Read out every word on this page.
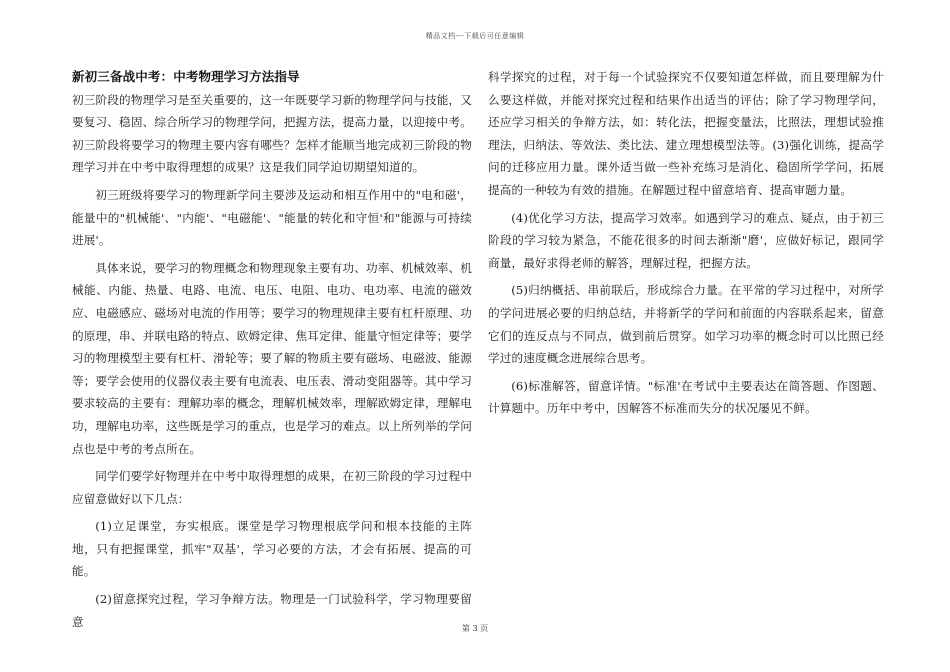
精品文档---下载后可任意编辑
新初三备战中考：中考物理学习方法指导

初三阶段的物理学习是至关重要的，这一年既要学习新的物理学问与技能，又要复习、稳固、综合所学习的物理学问，把握方法，提高力量，以迎接中考。初三阶段将要学习的物理主要内容有哪些？怎样才能顺当地完成初三阶段的物理学习并在中考中取得理想的成果？这是我们同学迫切期望知道的。

初三班级将要学习的物理新学问主要涉及运动和相互作用中的"电和磁'，能量中的"机械能'、"内能'、"电磁能'、"能量的转化和守恒'和"能源与可持续进展'。

具体来说，要学习的物理概念和物理现象主要有功、功率、机械效率、机械能、内能、热量、电路、电流、电压、电阻、电功、电功率、电流的磁效应、电磁感应、磁场对电流的作用等；要学习的物理规律主要有杠杆原理、功的原理，串、并联电路的特点、欧姆定律、焦耳定律、能量守恒定律等；要学习的物理模型主要有杠杆、滑轮等；要了解的物质主要有磁场、电磁波、能源等；要学会使用的仪器仪表主要有电流表、电压表、滑动变阻器等。其中学习要求较高的主要有：理解功率的概念，理解机械效率，理解欧姆定律，理解电功，理解电功率，这些既是学习的重点，也是学习的难点。以上所列举的学问点也是中考的考点所在。

同学们要学好物理并在中考中取得理想的成果，在初三阶段的学习过程中应留意做好以下几点：

(1)立足课堂，夯实根底。课堂是学习物理根底学问和根本技能的主阵地，只有把握课堂，抓牢"双基'，学习必要的方法，才会有拓展、提高的可能。

(2)留意探究过程，学习争辩方法。物理是一门试验科学，学习物理要留意

科学探究的过程，对于每一个试验探究不仅要知道怎样做，而且要理解为什么要这样做，并能对探究过程和结果作出适当的评估；除了学习物理学问，还应学习相关的争辩方法，如：转化法，把握变量法，比照法，理想试验推理法，归纳法、等效法、类比法、建立理想模型法等。(3)强化训练，提高学问的迁移应用力量。课外适当做一些补充练习是消化、稳固所学学问，拓展提高的一种较为有效的措施。在解题过程中留意培育、提高审题力量。

(4)优化学习方法，提高学习效率。如遇到学习的难点、疑点，由于初三阶段的学习较为紧急，不能花很多的时间去渐渐"磨'，应做好标记，跟同学商量，最好求得老师的解答，理解过程，把握方法。

(5)归纳概括、串前联后，形成综合力量。在平常的学习过程中，对所学的学问进展必要的归纳总结，并将新学的学问和前面的内容联系起来，留意它们的连反点与不同点，做到前后贯穿。如学习功率的概念时可以比照已经学过的速度概念进展综合思考。

(6)标准解答，留意详情。"标准'在考试中主要表达在简答题、作图题、计算题中。历年中考中，因解答不标准而失分的状况屡见不鲜。

第 3 页
